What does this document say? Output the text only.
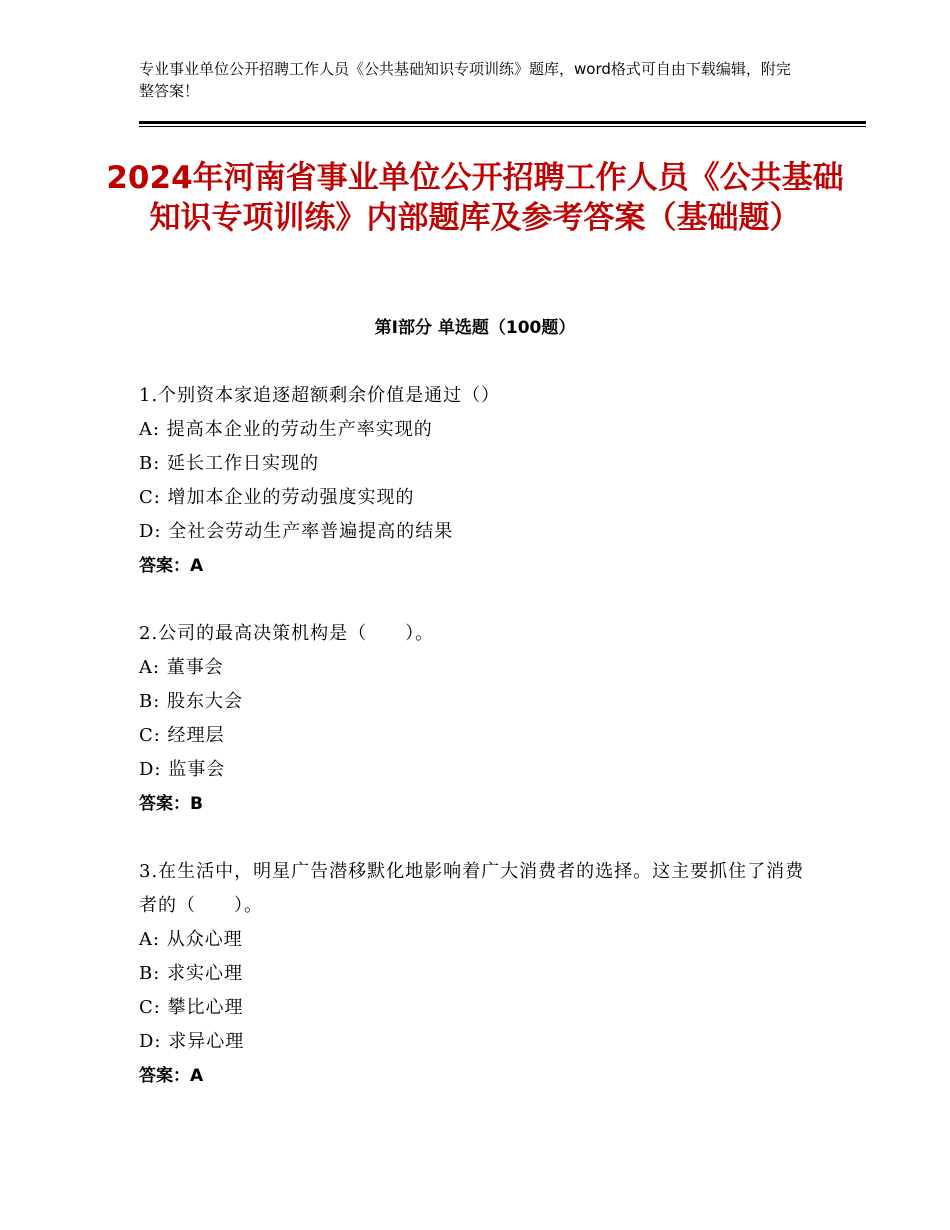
专业事业单位公开招聘工作人员《公共基础知识专项训练》题库，word格式可自由下载编辑，附完整答案！
2024年河南省事业单位公开招聘工作人员《公共基础知识专项训练》内部题库及参考答案（基础题）
第Ⅰ部分 单选题（100题）
1.个别资本家追逐超额剩余价值是通过（）
A: 提高本企业的劳动生产率实现的
B: 延长工作日实现的
C: 增加本企业的劳动强度实现的
D: 全社会劳动生产率普遍提高的结果
答案：A
2.公司的最高决策机构是（　　）。
A: 董事会
B: 股东大会
C: 经理层
D: 监事会
答案：B
3.在生活中，明星广告潜移默化地影响着广大消费者的选择。这主要抓住了消费者的（　　）。
A: 从众心理
B: 求实心理
C: 攀比心理
D: 求异心理
答案：A
